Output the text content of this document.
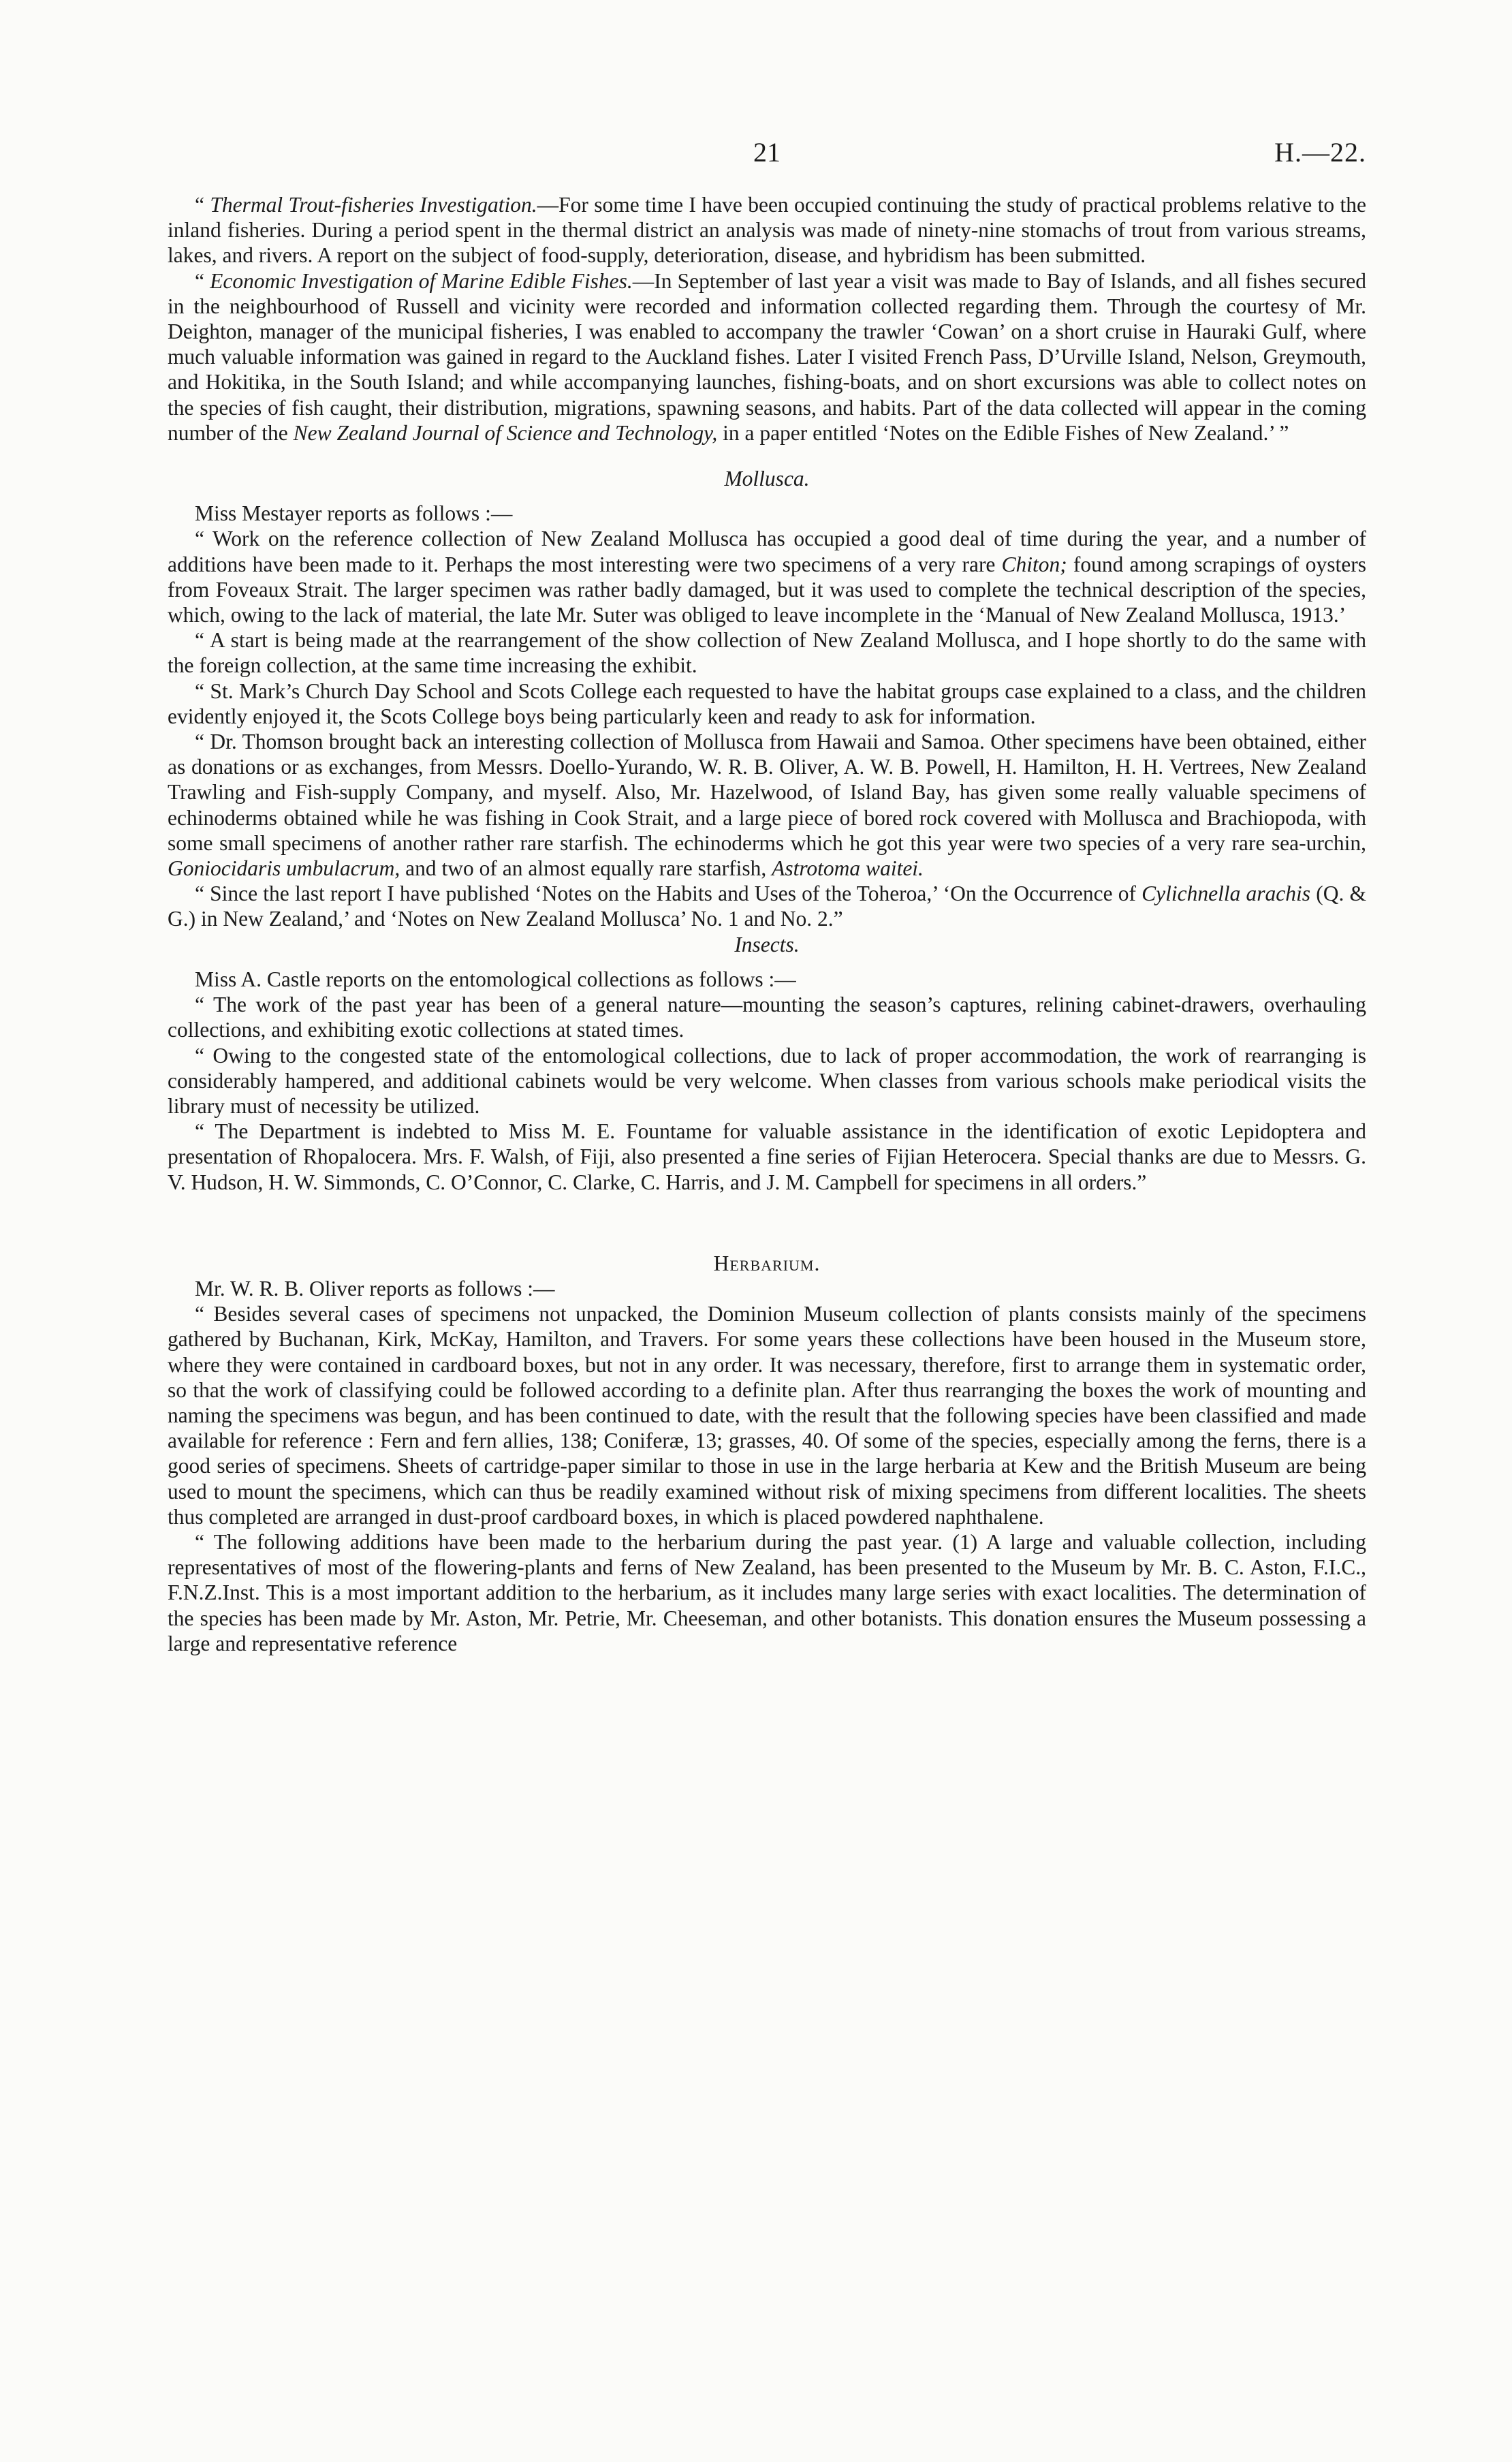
21	H.—22.

“ Thermal Trout-fisheries Investigation.—For some time I have been occupied continuing the study of practical problems relative to the inland fisheries. During a period spent in the thermal district an analysis was made of ninety-nine stomachs of trout from various streams, lakes, and rivers. A report on the subject of food-supply, deterioration, disease, and hybridism has been submitted.

“ Economic Investigation of Marine Edible Fishes.—In September of last year a visit was made to Bay of Islands, and all fishes secured in the neighbourhood of Russell and vicinity were recorded and information collected regarding them. Through the courtesy of Mr. Deighton, manager of the municipal fisheries, I was enabled to accompany the trawler ‘Cowan’ on a short cruise in Hauraki Gulf, where much valuable information was gained in regard to the Auckland fishes. Later I visited French Pass, D’Urville Island, Nelson, Greymouth, and Hokitika, in the South Island; and while accompanying launches, fishing-boats, and on short excursions was able to collect notes on the species of fish caught, their distribution, migrations, spawning seasons, and habits. Part of the data collected will appear in the coming number of the New Zealand Journal of Science and Technology, in a paper entitled ‘Notes on the Edible Fishes of New Zealand.’ ”

Mollusca.

Miss Mestayer reports as follows :—

“ Work on the reference collection of New Zealand Mollusca has occupied a good deal of time during the year, and a number of additions have been made to it. Perhaps the most interesting were two specimens of a very rare Chiton; found among scrapings of oysters from Foveaux Strait. The larger specimen was rather badly damaged, but it was used to complete the technical description of the species, which, owing to the lack of material, the late Mr. Suter was obliged to leave incomplete in the ‘Manual of New Zealand Mollusca, 1913.’

“ A start is being made at the rearrangement of the show collection of New Zealand Mollusca, and I hope shortly to do the same with the foreign collection, at the same time increasing the exhibit.

“ St. Mark’s Church Day School and Scots College each requested to have the habitat groups case explained to a class, and the children evidently enjoyed it, the Scots College boys being particularly keen and ready to ask for information.

“ Dr. Thomson brought back an interesting collection of Mollusca from Hawaii and Samoa. Other specimens have been obtained, either as donations or as exchanges, from Messrs. Doello-Yurando, W. R. B. Oliver, A. W. B. Powell, H. Hamilton, H. H. Vertrees, New Zealand Trawling and Fish-supply Company, and myself. Also, Mr. Hazelwood, of Island Bay, has given some really valuable specimens of echinoderms obtained while he was fishing in Cook Strait, and a large piece of bored rock covered with Mollusca and Brachiopoda, with some small specimens of another rather rare starfish. The echinoderms which he got this year were two species of a very rare sea-urchin, Goniocidaris umbulacrum, and two of an almost equally rare starfish, Astrotoma waitei.

“ Since the last report I have published ‘Notes on the Habits and Uses of the Toheroa,’ ‘On the Occurrence of Cylichnella arachis (Q. & G.) in New Zealand,’ and ‘Notes on New Zealand Mollusca’ No. 1 and No. 2.”

Insects.

Miss A. Castle reports on the entomological collections as follows :—

“ The work of the past year has been of a general nature—mounting the season’s captures, relining cabinet-drawers, overhauling collections, and exhibiting exotic collections at stated times.

“ Owing to the congested state of the entomological collections, due to lack of proper accommodation, the work of rearranging is considerably hampered, and additional cabinets would be very welcome. When classes from various schools make periodical visits the library must of necessity be utilized.

“ The Department is indebted to Miss M. E. Fountame for valuable assistance in the identification of exotic Lepidoptera and presentation of Rhopalocera. Mrs. F. Walsh, of Fiji, also presented a fine series of Fijian Heterocera. Special thanks are due to Messrs. G. V. Hudson, H. W. Simmonds, C. O’Connor, C. Clarke, C. Harris, and J. M. Campbell for specimens in all orders.”

Herbarium.

Mr. W. R. B. Oliver reports as follows :—

“ Besides several cases of specimens not unpacked, the Dominion Museum collection of plants consists mainly of the specimens gathered by Buchanan, Kirk, McKay, Hamilton, and Travers. For some years these collections have been housed in the Museum store, where they were contained in cardboard boxes, but not in any order. It was necessary, therefore, first to arrange them in systematic order, so that the work of classifying could be followed according to a definite plan. After thus rearranging the boxes the work of mounting and naming the specimens was begun, and has been continued to date, with the result that the following species have been classified and made available for reference : Fern and fern allies, 138; Coniferæ, 13; grasses, 40. Of some of the species, especially among the ferns, there is a good series of specimens. Sheets of cartridge-paper similar to those in use in the large herbaria at Kew and the British Museum are being used to mount the specimens, which can thus be readily examined without risk of mixing specimens from different localities. The sheets thus completed are arranged in dust-proof cardboard boxes, in which is placed powdered naphthalene.

“ The following additions have been made to the herbarium during the past year. (1) A large and valuable collection, including representatives of most of the flowering-plants and ferns of New Zealand, has been presented to the Museum by Mr. B. C. Aston, F.I.C., F.N.Z.Inst. This is a most important addition to the herbarium, as it includes many large series with exact localities. The determination of the species has been made by Mr. Aston, Mr. Petrie, Mr. Cheeseman, and other botanists. This donation ensures the Museum possessing a large and representative reference
